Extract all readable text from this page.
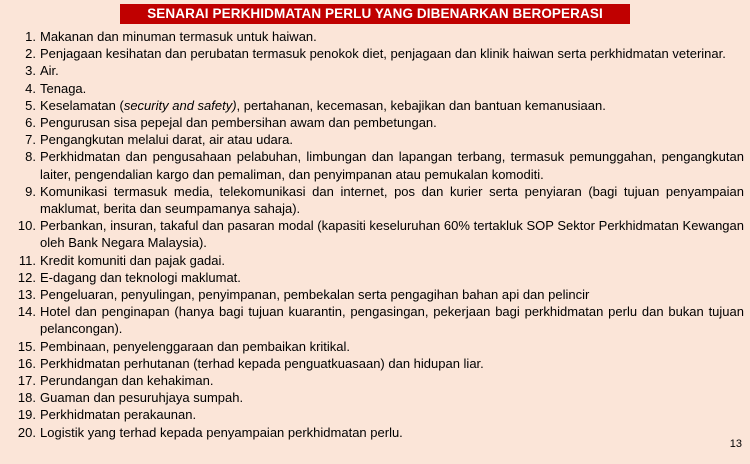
SENARAI PERKHIDMATAN PERLU YANG DIBENARKAN BEROPERASI
1. Makanan dan minuman termasuk untuk haiwan.
2. Penjagaan kesihatan dan perubatan termasuk penokok diet, penjagaan dan klinik haiwan serta perkhidmatan veterinar.
3. Air.
4. Tenaga.
5. Keselamatan (security and safety), pertahanan, kecemasan, kebajikan dan bantuan kemanusiaan.
6. Pengurusan sisa pepejal dan pembersihan awam dan pembetungan.
7. Pengangkutan melalui darat, air atau udara.
8. Perkhidmatan dan pengusahaan pelabuhan, limbungan dan lapangan terbang, termasuk pemunggahan, pengangkutan laiter, pengendalian kargo dan pemaliman, dan penyimpanan atau pemukalan komoditi.
9. Komunikasi termasuk media, telekomunikasi dan internet, pos dan kurier serta penyiaran (bagi tujuan penyampaian maklumat, berita dan seumpamanya sahaja).
10. Perbankan, insuran, takaful dan pasaran modal (kapasiti keseluruhan 60% tertakluk SOP Sektor Perkhidmatan Kewangan oleh Bank Negara Malaysia).
11. Kredit komuniti dan pajak gadai.
12. E-dagang dan teknologi maklumat.
13. Pengeluaran, penyulingan, penyimpanan, pembekalan serta pengagihan bahan api dan pelincir
14. Hotel dan penginapan (hanya bagi tujuan kuarantin, pengasingan, pekerjaan bagi perkhidmatan perlu dan bukan tujuan pelancongan).
15. Pembinaan, penyelenggaraan dan pembaikan kritikal.
16. Perkhidmatan perhutanan (terhad kepada penguatkuasaan) dan hidupan liar.
17. Perundangan dan kehakiman.
18. Guaman dan pesuruhjaya sumpah.
19. Perkhidmatan perakaunan.
20. Logistik yang terhad kepada penyampaian perkhidmatan perlu.
13
